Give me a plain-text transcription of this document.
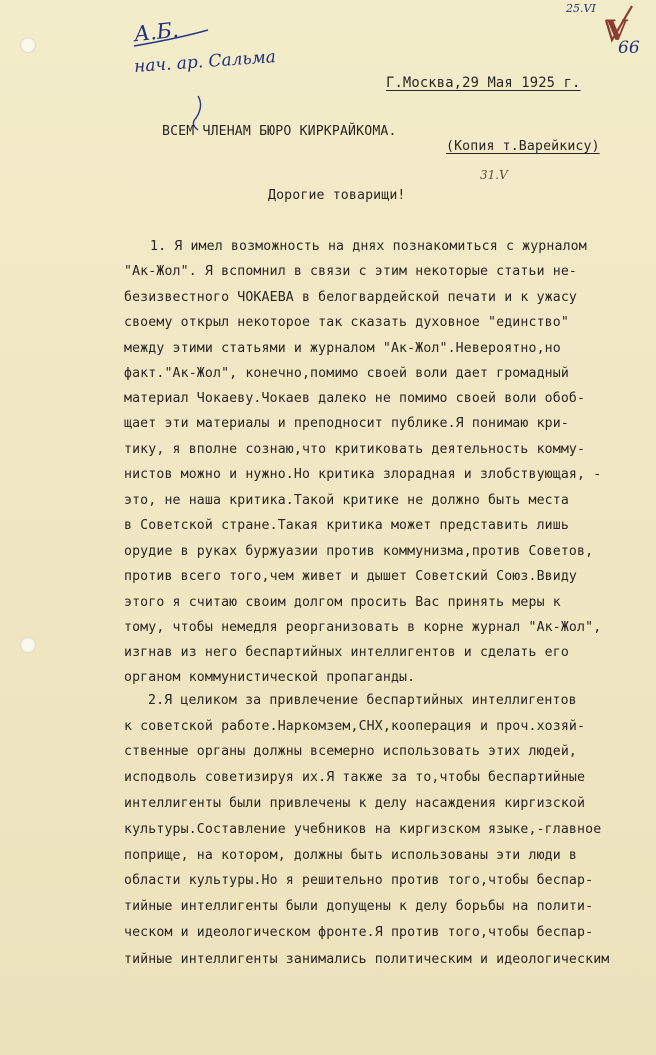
25.VI
V
66
А.Б.
нач. ар. Сальма
Г.Москва,29 Мая 1925 г.
ВСЕМ ЧЛЕНАМ БЮРО КИРКРАЙКОМА.
(Копия т.Варейкису)
31.V
Дорогие товарищи!
1. Я имел возможность на днях познакомиться с журналом
"Ак-Жол". Я вспомнил в связи с этим некоторые статьи не-
безизвестного ЧОКАЕВА в белогвардейской печати и к ужасу
своему открыл некоторое так сказать духовное "единство"
между этими статьями и журналом "Ак-Жол".Невероятно,но
факт."Ак-Жол", конечно,помимо своей воли дает громадный
материал Чокаеву.Чокаев далеко не помимо своей воли обоб-
щает эти материалы и преподносит публике.Я понимаю кри-
тику, я вполне сознаю,что критиковать деятельность комму-
нистов можно и нужно.Но критика злорадная и злобствующая, -
это, не наша критика.Такой критике не должно быть места
в Советской стране.Такая критика может представить лишь
орудие в руках буржуазии против коммунизма,против Советов,
против всего того,чем живет и дышет Советский Союз.Ввиду
этого я считаю своим долгом просить Вас принять меры к
тому, чтобы немедля реорганизовать в корне журнал "Ак-Жол",
изгнав из него беспартийных интеллигентов и сделать его
органом коммунистической пропаганды.
2.Я целиком за привлечение беспартийных интеллигентов
к советской работе.Наркомзем,СНХ,кооперация и проч.хозяй-
ственные органы должны всемерно использовать этих людей,
исподволь советизируя их.Я также за то,чтобы беспартийные
интеллигенты были привлечены к делу насаждения киргизской
культуры.Составление учебников на киргизском языке,-главное
поприще, на котором, должны быть использованы эти люди в
области культуры.Но я решительно против того,чтобы беспар-
тийные интеллигенты были допущены к делу борьбы на полити-
ческом и идеологическом фронте.Я против того,чтобы беспар-
тийные интеллигенты занимались политическим и идеологическим
